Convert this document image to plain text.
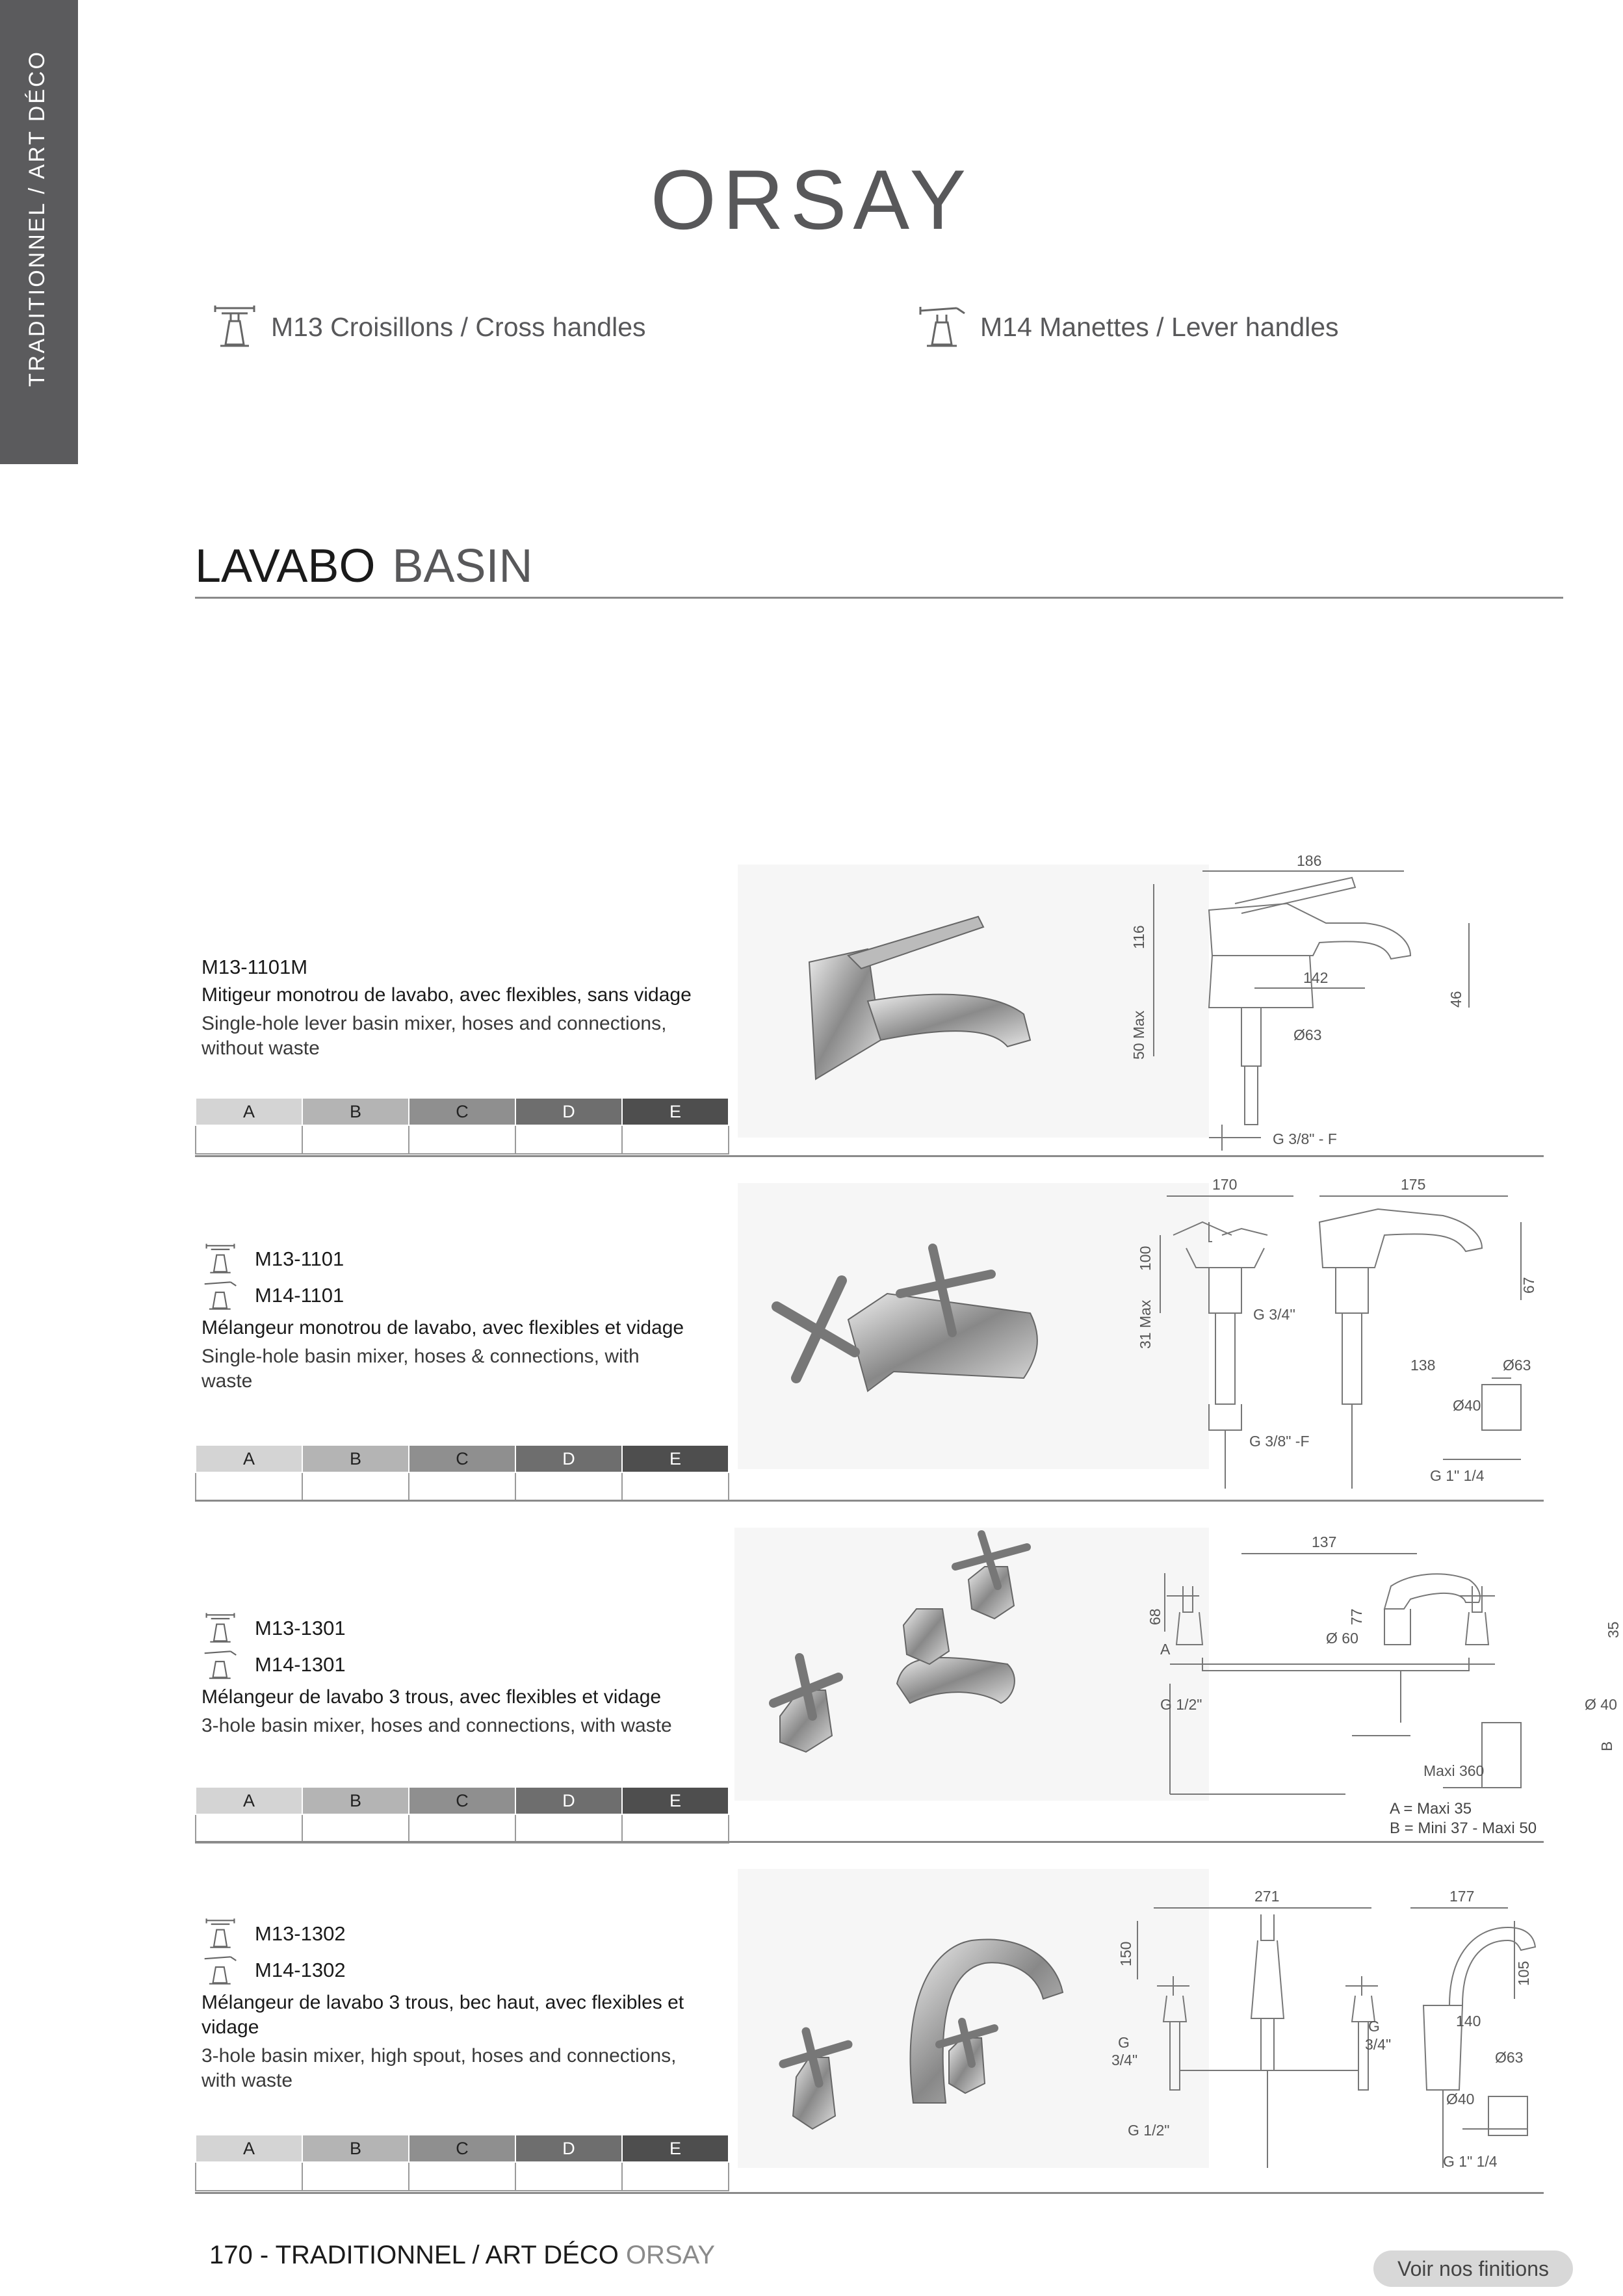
TRADITIONNEL / ART DÉCO	ORSAY
M13 Croisillons / Cross handles	M14 Manettes / Lever handles
LAVABO BASIN
M13-1101M
Mitigeur monotrou de lavabo, avec flexibles, sans vidage
Single-hole lever basin mixer, hoses and connections, without waste
A	B	C	D	E

186
116
142
46
50 Max	Ø63
G 3/8" - F
M13-1101
M14-1101
Mélangeur monotrou de lavabo, avec flexibles et vidage
Single-hole basin mixer, hoses & connections, with waste
A	B	C	D	E

170
100
31 Max	G 3/4''
G 3/8" -F
175
67
138	Ø63
Ø40
G 1" 1/4
M13-1301
M14-1301
Mélangeur de lavabo 3 trous, avec flexibles et vidage
3-hole basin mixer, hoses and connections, with waste
A	B	C	D	E

137
68	77
35
A
Ø 60
G 1/2"	Ø 40
B
Maxi 360
A = Maxi 35
B = Mini 37 - Maxi 50
M13-1302
M14-1302
Mélangeur de lavabo 3 trous, bec haut, avec flexibles et vidage
3-hole basin mixer, high spout, hoses and connections, with waste
A	B	C	D	E

271
150
G
3/4"
G
3/4"
G 1/2"
177
105
140
Ø63
Ø40
G 1" 1/4
170 - TRADITIONNEL / ART DÉCO ORSAY	Voir nos finitions
